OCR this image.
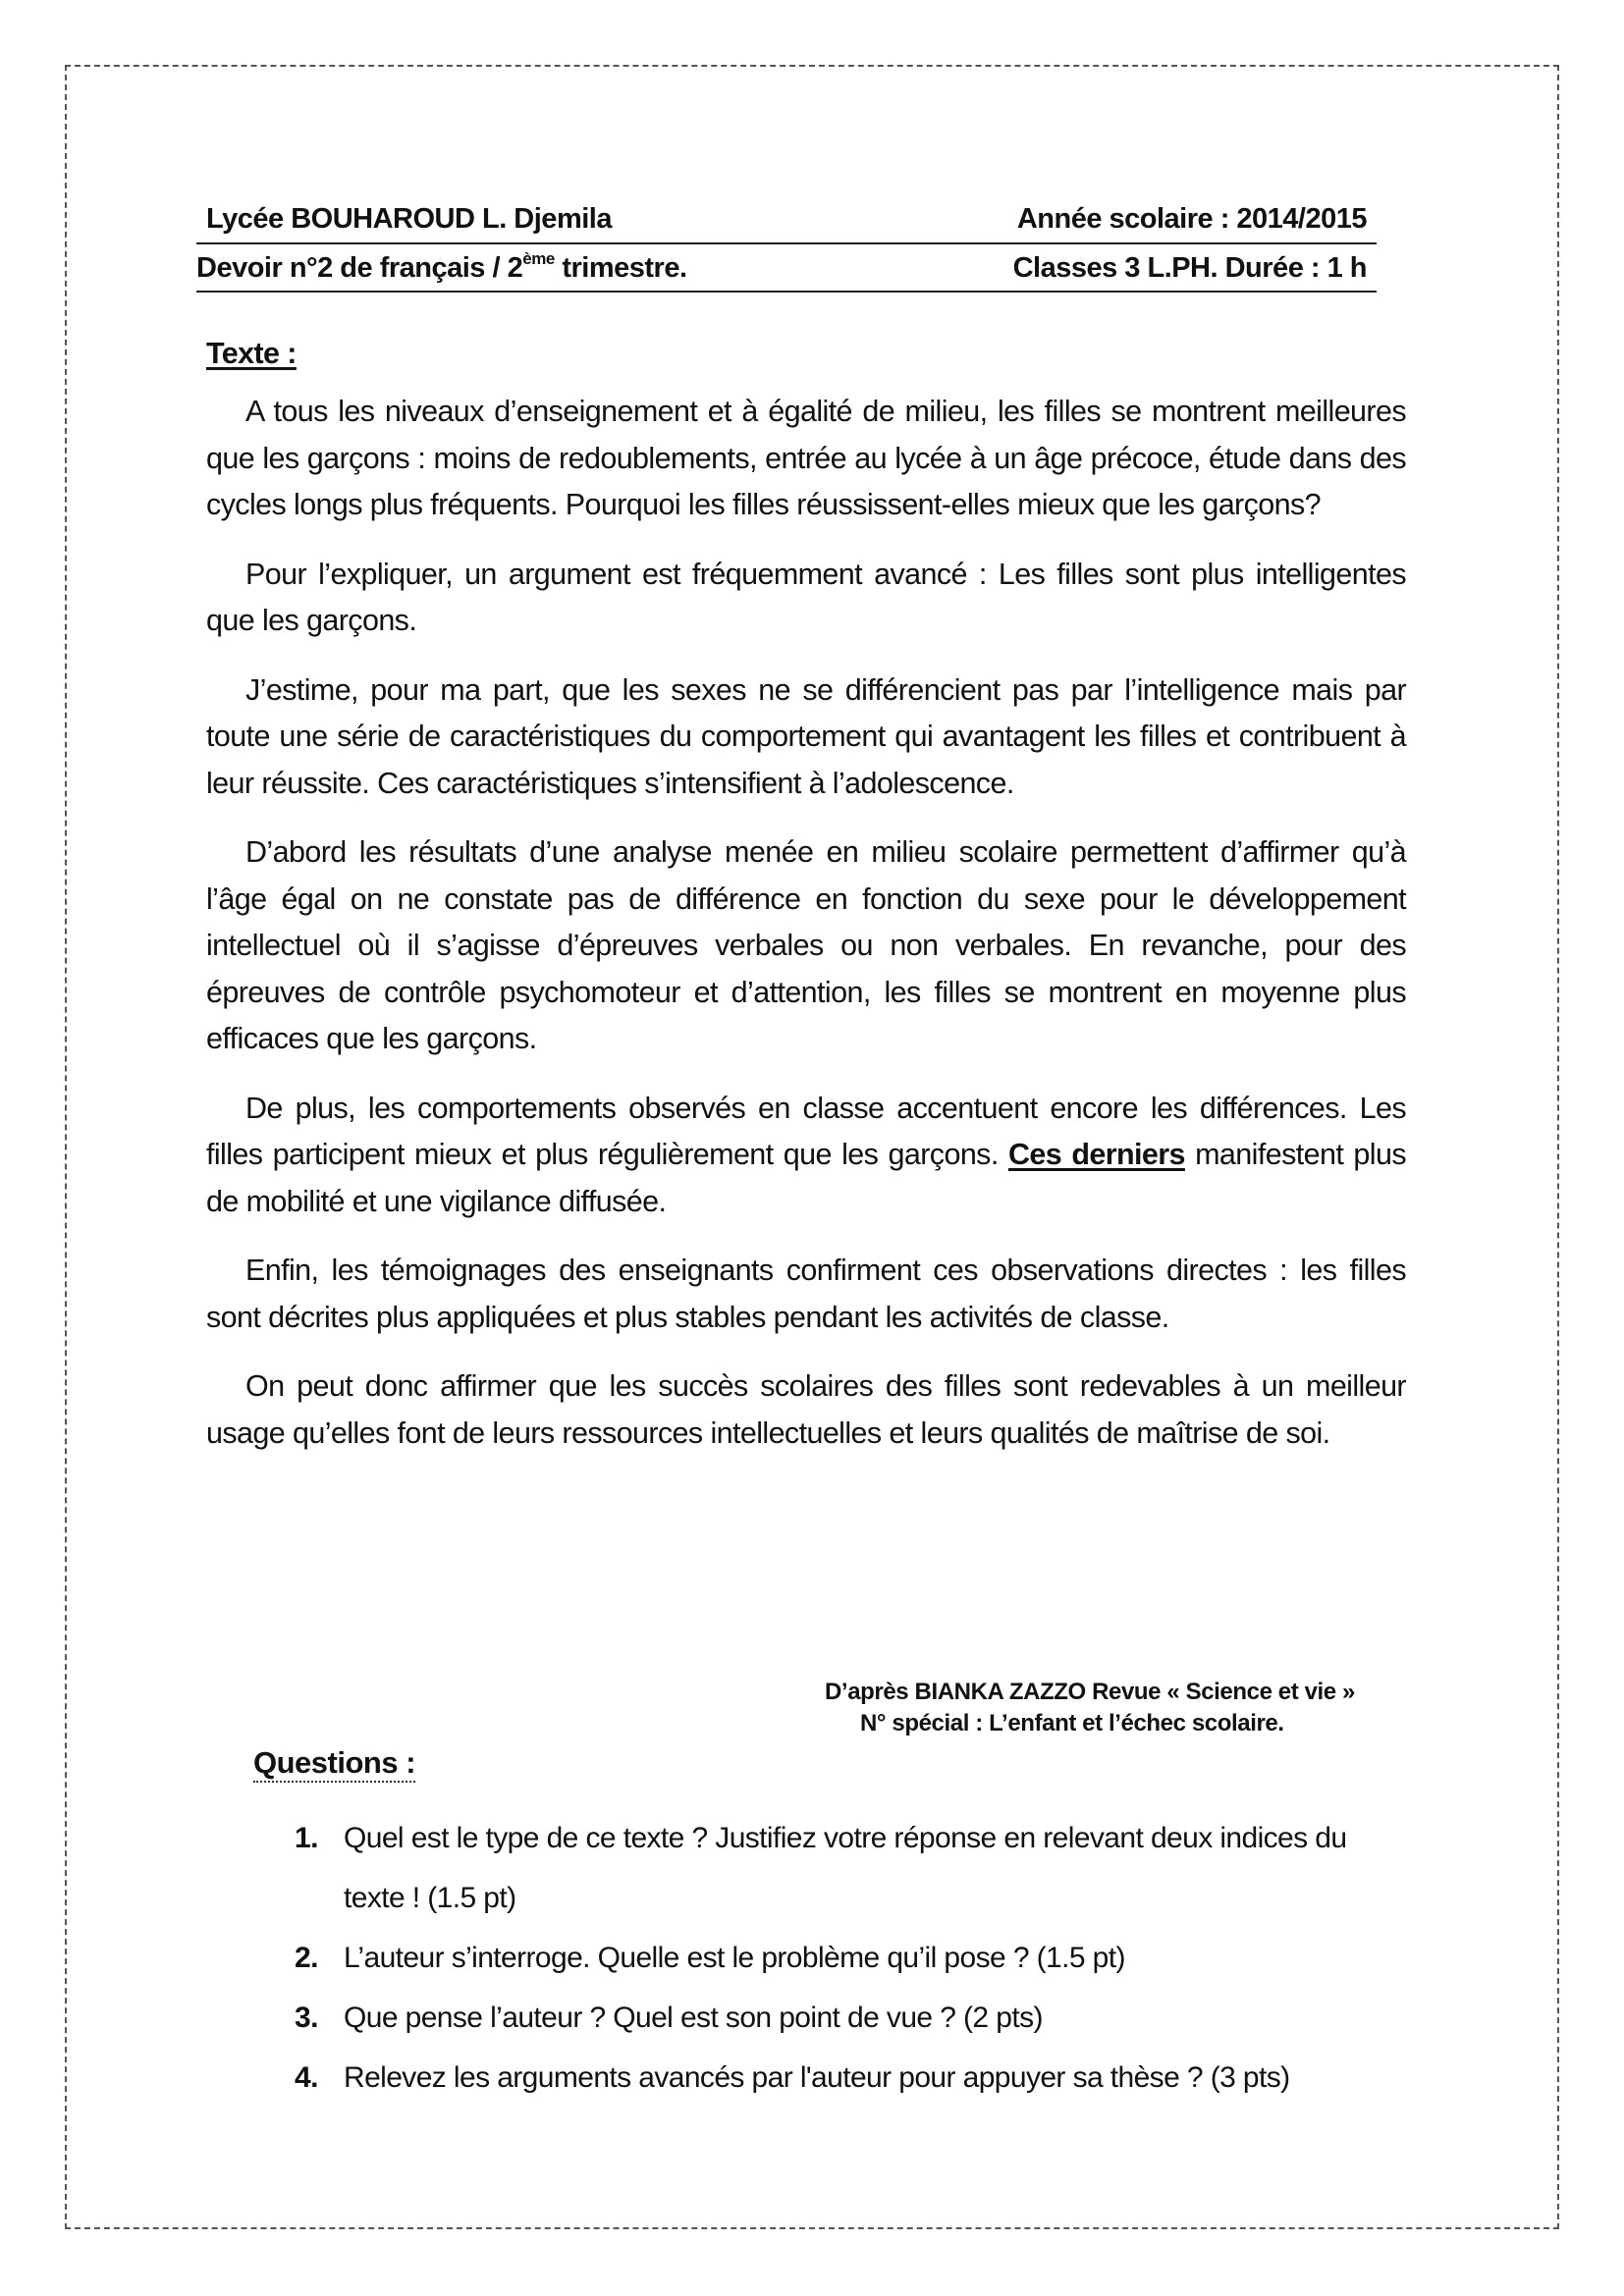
Lycée BOUHAROUD L. Djemila	Année scolaire : 2014/2015
Devoir n°2 de français / 2ème trimestre.	Classes 3 L.PH. Durée : 1 h
Texte :

A tous les niveaux d’enseignement et à égalité de milieu, les filles se montrent meilleures que les garçons : moins de redoublements, entrée au lycée à un âge précoce, étude dans des cycles longs plus fréquents. Pourquoi les filles réussissent-elles mieux que les garçons?

Pour l’expliquer, un argument est fréquemment avancé : Les filles sont plus intelligentes que les garçons.

J’estime, pour ma part, que les sexes ne se différencient pas par l’intelligence mais par toute une série de caractéristiques du comportement qui avantagent les filles et contribuent à leur réussite. Ces caractéristiques s’intensifient à l’adolescence.

D’abord les résultats d’une analyse menée en milieu scolaire permettent d’affirmer qu’à l’âge égal on ne constate pas de différence en fonction du sexe pour le développement intellectuel où il s’agisse d’épreuves verbales ou non verbales. En revanche, pour des épreuves de contrôle psychomoteur et d’attention, les filles se montrent en moyenne plus efficaces que les garçons.

De plus, les comportements observés en classe accentuent encore les différences. Les filles participent mieux et plus régulièrement que les garçons. Ces derniers manifestent plus de mobilité et une vigilance diffusée.

Enfin, les témoignages des enseignants confirment ces observations directes : les filles sont décrites plus appliquées et plus stables pendant les activités de classe.

On peut donc affirmer que les succès scolaires des filles sont redevables à un meilleur usage qu’elles font de leurs ressources intellectuelles et leurs qualités de maîtrise de soi.

D’après BIANKA ZAZZO Revue « Science et vie »
N° spécial : L’enfant et l’échec scolaire.
Questions :
1. Quel est le type de ce texte ? Justifiez votre réponse en relevant deux indices du texte ! (1.5 pt)
2. L’auteur s’interroge. Quelle est le problème qu’il pose ? (1.5 pt)
3. Que pense l’auteur ? Quel est son point de vue ? (2 pts)
4. Relevez les arguments avancés par l'auteur pour appuyer sa thèse ? (3 pts)
